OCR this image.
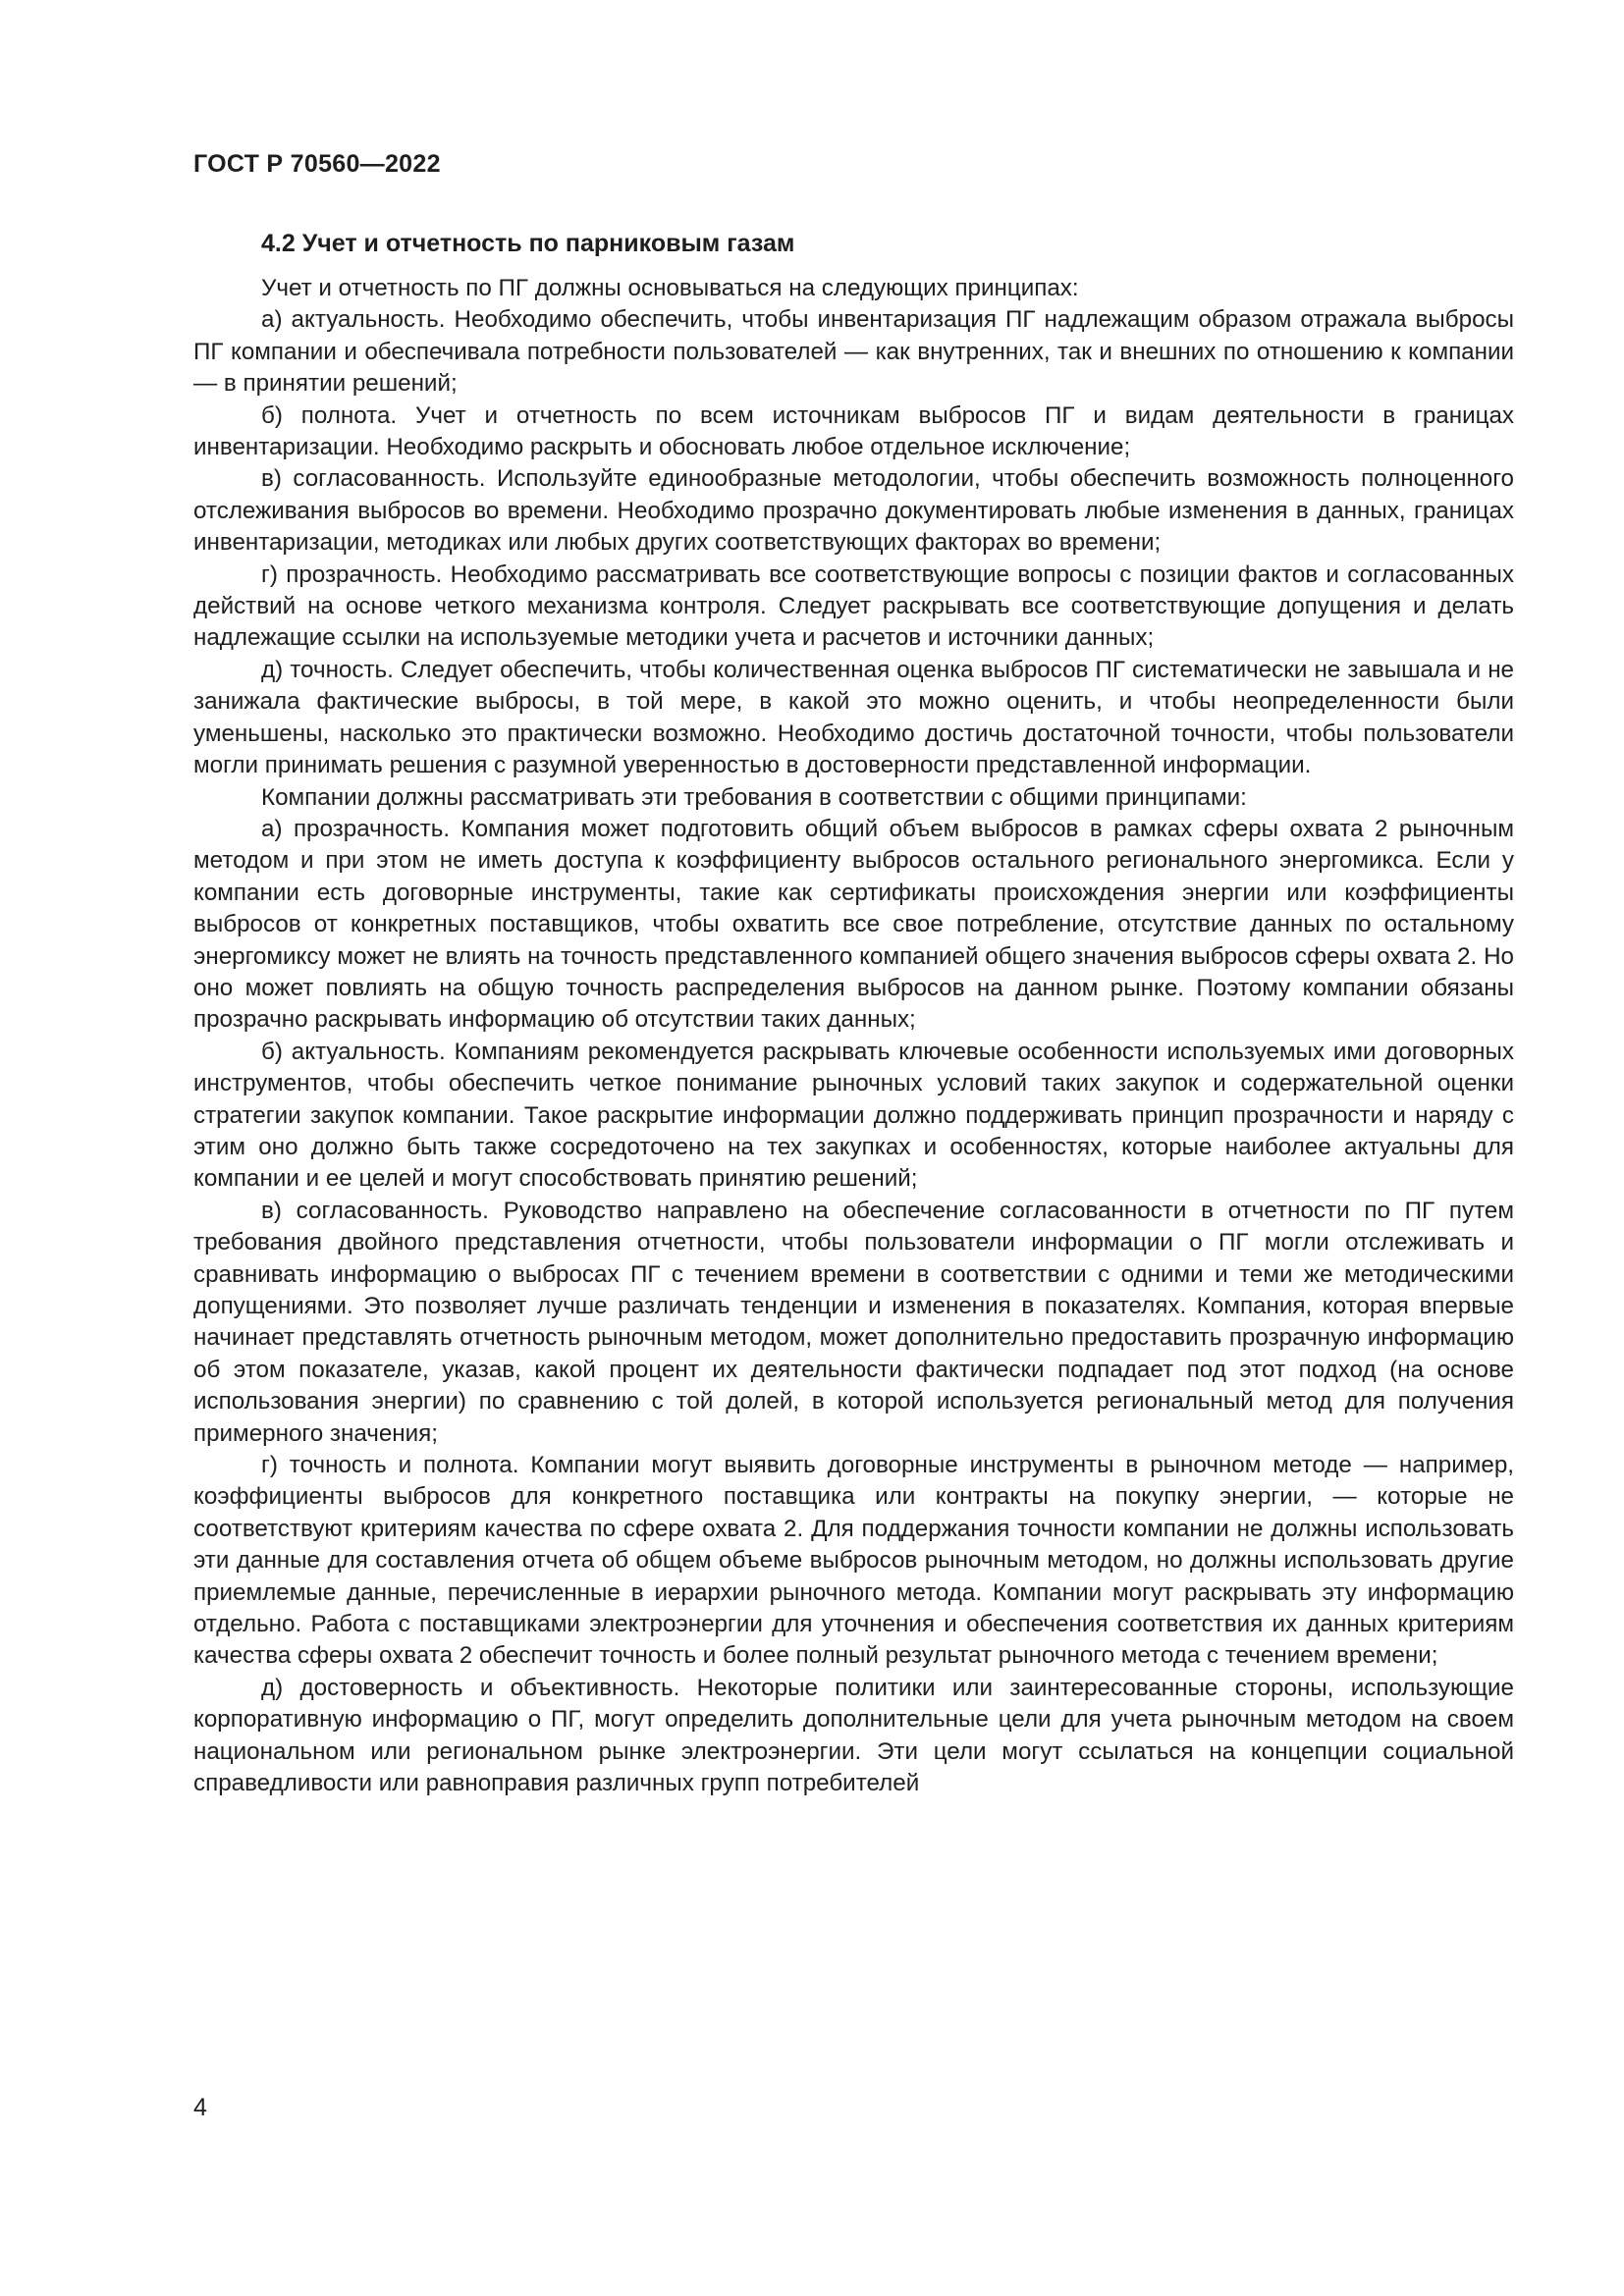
ГОСТ Р 70560—2022
4.2 Учет и отчетность по парниковым газам

Учет и отчетность по ПГ должны основываться на следующих принципах:

а) актуальность. Необходимо обеспечить, чтобы инвентаризация ПГ надлежащим образом отражала выбросы ПГ компании и обеспечивала потребности пользователей — как внутренних, так и внешних по отношению к компании — в принятии решений;

б) полнота. Учет и отчетность по всем источникам выбросов ПГ и видам деятельности в границах инвентаризации. Необходимо раскрыть и обосновать любое отдельное исключение;

в) согласованность. Используйте единообразные методологии, чтобы обеспечить возможность полноценного отслеживания выбросов во времени. Необходимо прозрачно документировать любые изменения в данных, границах инвентаризации, методиках или любых других соответствующих факторах во времени;

г) прозрачность. Необходимо рассматривать все соответствующие вопросы с позиции фактов и согласованных действий на основе четкого механизма контроля. Следует раскрывать все соответствующие допущения и делать надлежащие ссылки на используемые методики учета и расчетов и источники данных;

д) точность. Следует обеспечить, чтобы количественная оценка выбросов ПГ систематически не завышала и не занижала фактические выбросы, в той мере, в какой это можно оценить, и чтобы неопределенности были уменьшены, насколько это практически возможно. Необходимо достичь достаточной точности, чтобы пользователи могли принимать решения с разумной уверенностью в достоверности представленной информации.

Компании должны рассматривать эти требования в соответствии с общими принципами:

а) прозрачность. Компания может подготовить общий объем выбросов в рамках сферы охвата 2 рыночным методом и при этом не иметь доступа к коэффициенту выбросов остального регионального энергомикса. Если у компании есть договорные инструменты, такие как сертификаты происхождения энергии или коэффициенты выбросов от конкретных поставщиков, чтобы охватить все свое потребление, отсутствие данных по остальному энергомиксу может не влиять на точность представленного компанией общего значения выбросов сферы охвата 2. Но оно может повлиять на общую точность распределения выбросов на данном рынке. Поэтому компании обязаны прозрачно раскрывать информацию об отсутствии таких данных;

б) актуальность. Компаниям рекомендуется раскрывать ключевые особенности используемых ими договорных инструментов, чтобы обеспечить четкое понимание рыночных условий таких закупок и содержательной оценки стратегии закупок компании. Такое раскрытие информации должно поддерживать принцип прозрачности и наряду с этим оно должно быть также сосредоточено на тех закупках и особенностях, которые наиболее актуальны для компании и ее целей и могут способствовать принятию решений;

в) согласованность. Руководство направлено на обеспечение согласованности в отчетности по ПГ путем требования двойного представления отчетности, чтобы пользователи информации о ПГ могли отслеживать и сравнивать информацию о выбросах ПГ с течением времени в соответствии с одними и теми же методическими допущениями. Это позволяет лучше различать тенденции и изменения в показателях. Компания, которая впервые начинает представлять отчетность рыночным методом, может дополнительно предоставить прозрачную информацию об этом показателе, указав, какой процент их деятельности фактически подпадает под этот подход (на основе использования энергии) по сравнению с той долей, в которой используется региональный метод для получения примерного значения;

г) точность и полнота. Компании могут выявить договорные инструменты в рыночном методе — например, коэффициенты выбросов для конкретного поставщика или контракты на покупку энергии, — которые не соответствуют критериям качества по сфере охвата 2. Для поддержания точности компании не должны использовать эти данные для составления отчета об общем объеме выбросов рыночным методом, но должны использовать другие приемлемые данные, перечисленные в иерархии рыночного метода. Компании могут раскрывать эту информацию отдельно. Работа с поставщиками электроэнергии для уточнения и обеспечения соответствия их данных критериям качества сферы охвата 2 обеспечит точность и более полный результат рыночного метода с течением времени;

д) достоверность и объективность. Некоторые политики или заинтересованные стороны, использующие корпоративную информацию о ПГ, могут определить дополнительные цели для учета рыночным методом на своем национальном или региональном рынке электроэнергии. Эти цели могут ссылаться на концепции социальной справедливости или равноправия различных групп потребителей

4
